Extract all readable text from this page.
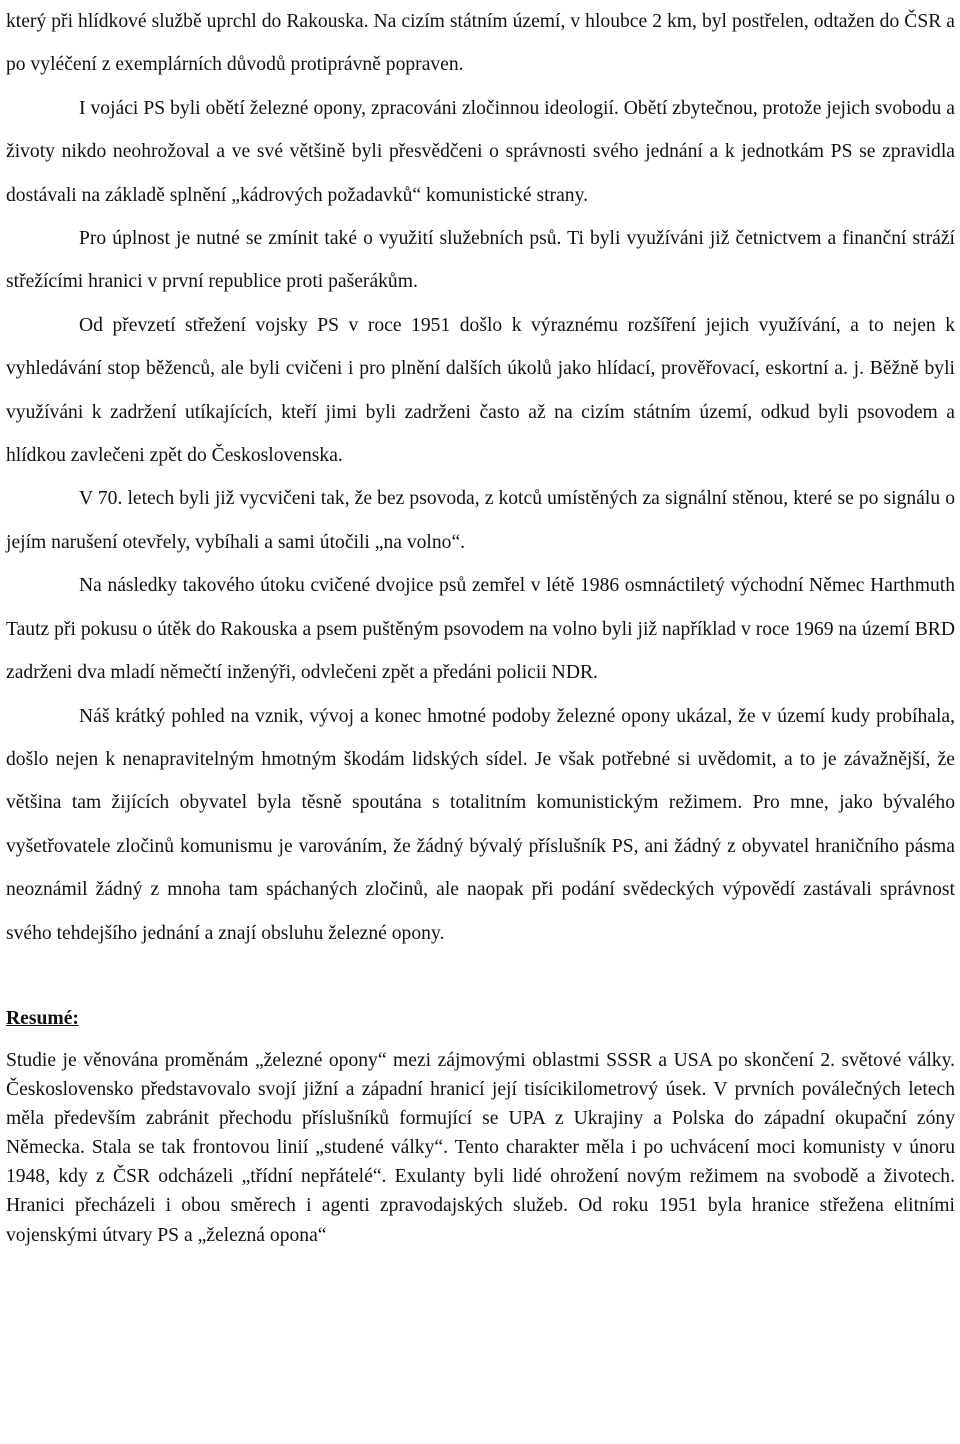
který při hlídkové službě uprchl do Rakouska. Na cizím státním území, v hloubce 2 km, byl postřelen, odtažen do ČSR a po vyléčení z exemplárních důvodů protiprávně popraven.

I vojáci PS byli obětí železné opony, zpracováni zločinnou ideologií. Obětí zbytečnou, protože jejich svobodu a životy nikdo neohrožoval a ve své většině byli přesvědčeni o správnosti svého jednání a k jednotkám PS se zpravidla dostávali na základě splnění „kádrových požadavků“ komunistické strany.

Pro úplnost je nutné se zmínit také o využití služebních psů. Ti byli využíváni již četnictvem a finanční stráží střežícími hranici v první republice proti pašerákům.

Od převzetí střežení vojsky PS v roce 1951 došlo k výraznému rozšíření jejich využívání, a to nejen k vyhledávání stop běženců, ale byli cvičeni i pro plnění dalších úkolů jako hlídací, prověřovací, eskortní a. j. Běžně byli využíváni k zadržení utíkajících, kteří jimi byli zadrženi často až na cizím státním území, odkud byli psovodem a hlídkou zavlečeni zpět do Československa.

V 70. letech byli již vycvičeni tak, že bez psovoda, z kotců umístěných za signální stěnou, které se po signálu o jejím narušení otevřely, vybíhali a sami útočili „na volno“.

Na následky takového útoku cvičené dvojice psů zemřel v létě 1986 osmnáctiletý východní Němec Harthmuth Tautz při pokusu o útěk do Rakouska a psem puštěným psovodem na volno byli již například v roce 1969 na území BRD zadrženi dva mladí němečtí inženýři, odvlečeni zpět a předáni policii NDR.

Náš krátký pohled na vznik, vývoj a konec hmotné podoby železné opony ukázal, že v území kudy probíhala, došlo nejen k nenapravitelným hmotným škodám lidských sídel. Je však potřebné si uvědomit, a to je závažnější, že většina tam žijících obyvatel byla těsně spoutána s totalitním komunistickým režimem. Pro mne, jako bývalého vyšetřovatele zločinů komunismu je varováním, že žádný bývalý příslušník PS, ani žádný z obyvatel hraničního pásma neoznámil žádný z mnoha tam spáchaných zločinů, ale naopak při podání svědeckých výpovědí zastávali správnost svého tehdejšího jednání a znají obsluhu železné opony.

Resumé:

Studie je věnována proměnám „železné opony“ mezi zájmovými oblastmi SSSR a USA po skončení 2. světové války. Československo představovalo svojí jižní a západní hranicí její tisícikilometrový úsek. V prvních poválečných letech měla především zabránit přechodu příslušníků formující se UPA z Ukrajiny a Polska do západní okupační zóny Německa. Stala se tak frontovou linií „studené války“. Tento charakter měla i po uchvácení moci komunisty v únoru 1948, kdy z ČSR odcházeli „třídní nepřátelé“. Exulanty byli lidé ohrožení novým režimem na svobodě a životech. Hranici přecházeli i obou směrech i agenti zpravodajských služeb. Od roku 1951 byla hranice střežena elitními vojenskými útvary PS a „železná opona“
